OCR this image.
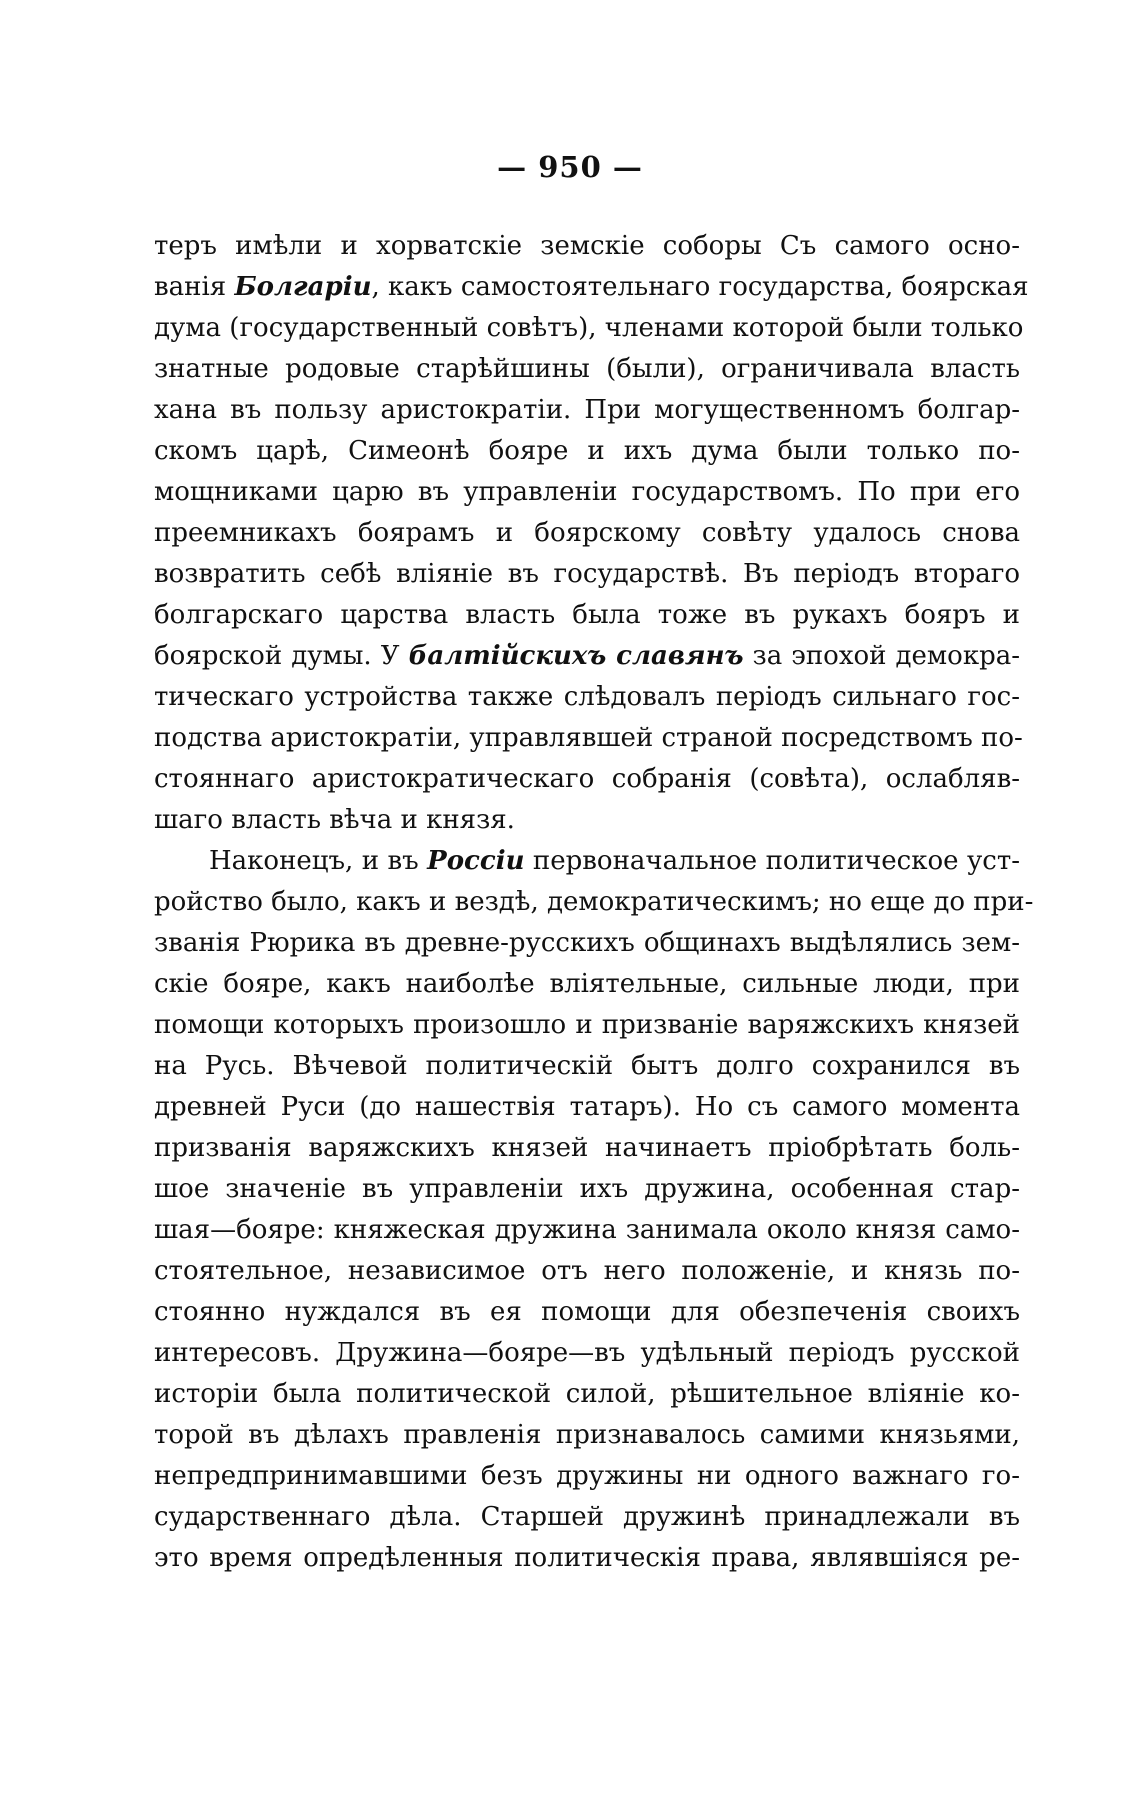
— 950 —
теръ имѣли и хорватскіе земскіе соборы Съ самого осно-
ванія Болгаріи, какъ самостоятельнаго государства, боярская
дума (государственный совѣтъ), членами которой были только
знатные родовые старѣйшины (были), ограничивала власть
хана въ пользу аристократіи. При могущественномъ болгар-
скомъ царѣ, Симеонѣ бояре и ихъ дума были только по-
мощниками царю въ управленіи государствомъ. По при его
преемникахъ боярамъ и боярскому совѣту удалось снова
возвратить себѣ вліяніе въ государствѣ. Въ періодъ втораго
болгарскаго царства власть была тоже въ рукахъ бояръ и
боярской думы. У балтійскихъ славянъ за эпохой демокра-
тическаго устройства также слѣдовалъ періодъ сильнаго гос-
подства аристократіи, управлявшей страной посредствомъ по-
стояннаго аристократическаго собранія (совѣта), ослабляв-
шаго власть вѣча и князя.
Наконецъ, и въ Россіи первоначальное политическое уст-
ройство было, какъ и вездѣ, демократическимъ; но еще до при-
званія Рюрика въ древне-русскихъ общинахъ выдѣлялись зем-
скіе бояре, какъ наиболѣе вліятельные, сильные люди, при
помощи которыхъ произошло и призваніе варяжскихъ князей
на Русь. Вѣчевой политическій бытъ долго сохранился въ
древней Руси (до нашествія татаръ). Но съ самого момента
призванія варяжскихъ князей начинаетъ пріобрѣтать боль-
шое значеніе въ управленіи ихъ дружина, особенная стар-
шая—бояре: княжеская дружина занимала около князя само-
стоятельное, независимое отъ него положеніе, и князь по-
стоянно нуждался въ ея помощи для обезпеченія своихъ
интересовъ. Дружина—бояре—въ удѣльный періодъ русской
исторіи была политической силой, рѣшительное вліяніе ко-
торой въ дѣлахъ правленія признавалось самими князьями,
непредпринимавшими безъ дружины ни одного важнаго го-
сударственнаго дѣла. Старшей дружинѣ принадлежали въ
это время опредѣленныя политическія права, являвшіяся ре-
